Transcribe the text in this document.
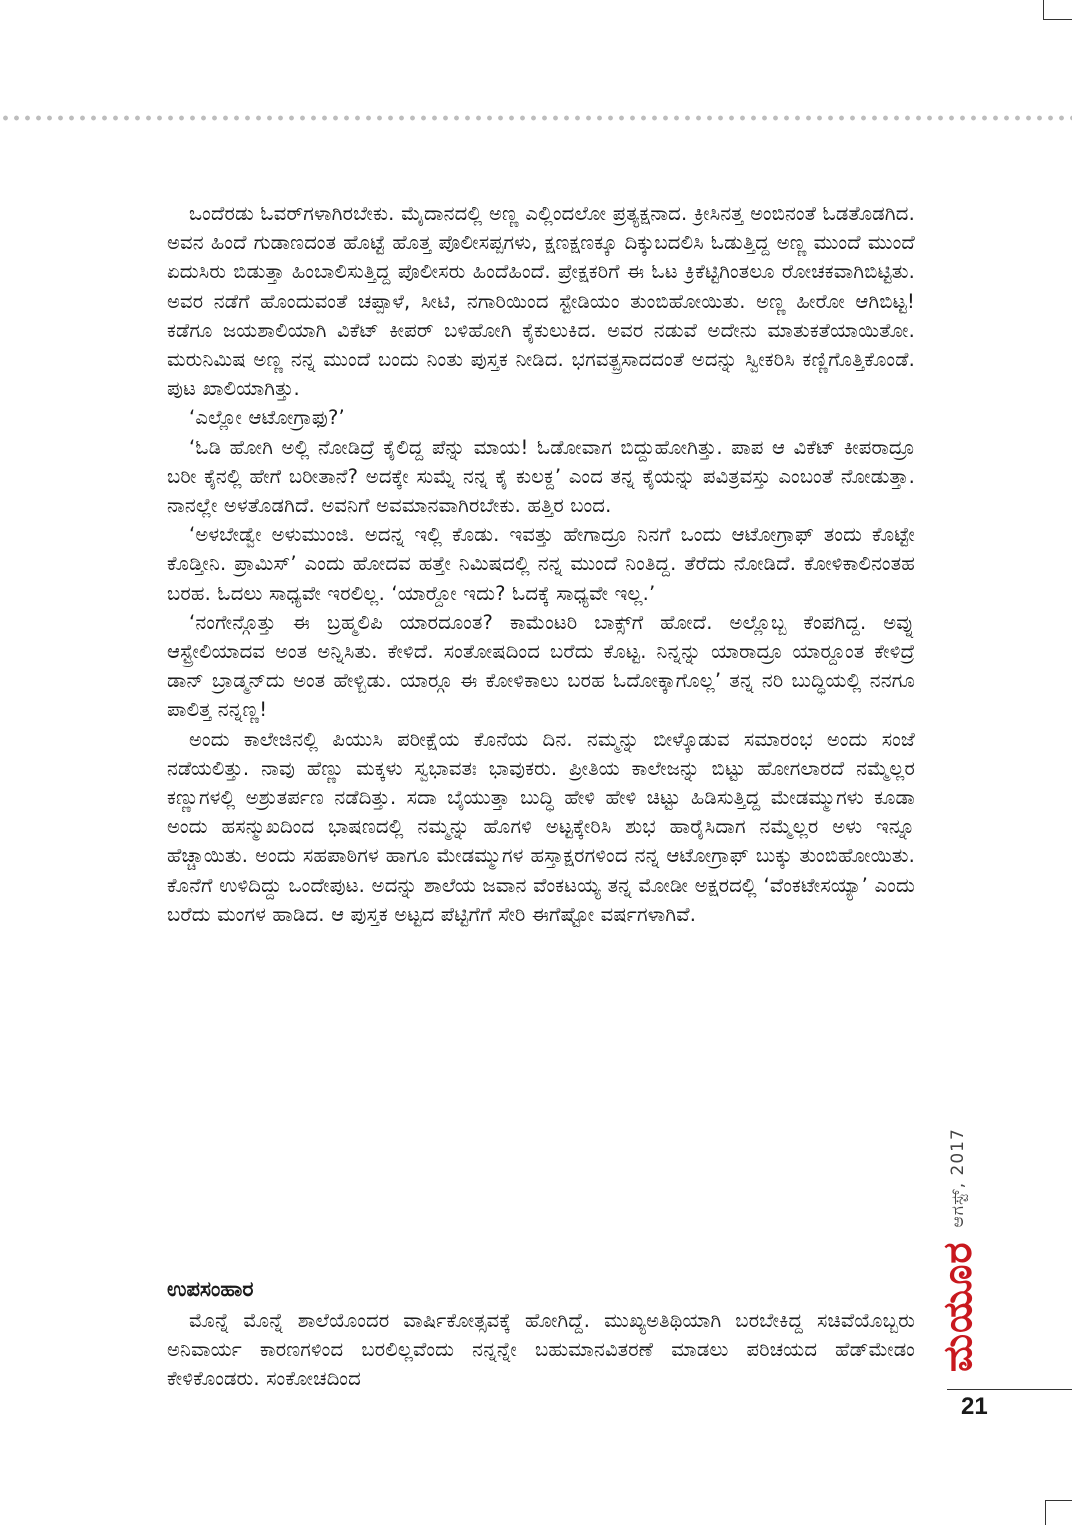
ಒಂದೆರಡು ಓವರ್‌ಗಳಾಗಿರಬೇಕು. ಮೈದಾನದಲ್ಲಿ ಅಣ್ಣ ಎಲ್ಲಿಂದಲೋ ಪ್ರತ್ಯಕ್ಷನಾದ. ಕ್ರೀಸಿನತ್ತ ಅಂಬಿನಂತೆ ಓಡತೊಡಗಿದ. ಅವನ ಹಿಂದೆ ಗುಡಾಣದಂತ ಹೊಟ್ಟೆ ಹೊತ್ತ ಪೊಲೀಸಪ್ಪಗಳು, ಕ್ಷಣಕ್ಷಣಕ್ಕೂ ದಿಕ್ಕುಬದಲಿಸಿ ಓಡುತ್ತಿದ್ದ ಅಣ್ಣ ಮುಂದೆ ಮುಂದೆ ಏದುಸಿರು ಬಿಡುತ್ತಾ ಹಿಂಬಾಲಿಸುತ್ತಿದ್ದ ಪೊಲೀಸರು ಹಿಂದೆಹಿಂದೆ. ಪ್ರೇಕ್ಷಕರಿಗೆ ಈ ಓಟ ಕ್ರಿಕೆಟ್ಟಿಗಿಂತಲೂ ರೋಚಕವಾಗಿಬಿಟ್ಟಿತು. ಅವರ ನಡೆಗೆ ಹೊಂದುವಂತೆ ಚಪ್ಪಾಳೆ, ಸೀಟಿ, ನಗಾರಿಯಿಂದ ಸ್ಟೇಡಿಯಂ ತುಂಬಿಹೋಯಿತು. ಅಣ್ಣ ಹೀರೋ ಆಗಿಬಿಟ್ಟ! ಕಡೆಗೂ ಜಯಶಾಲಿಯಾಗಿ ವಿಕೆಟ್ ಕೀಪರ್ ಬಳಿಹೋಗಿ ಕೈಕುಲುಕಿದ. ಅವರ ನಡುವೆ ಅದೇನು ಮಾತುಕತೆಯಾಯಿತೋ. ಮರುನಿಮಿಷ ಅಣ್ಣ ನನ್ನ ಮುಂದೆ ಬಂದು ನಿಂತು ಪುಸ್ತಕ ನೀಡಿದ. ಭಗವತ್ಪ್ರಸಾದದಂತೆ ಅದನ್ನು ಸ್ವೀಕರಿಸಿ ಕಣ್ಣಿಗೊತ್ತಿಕೊಂಡೆ. ಪುಟ ಖಾಲಿಯಾಗಿತ್ತು.

‘ಎಲ್ಲೋ ಆಟೋಗ್ರಾಫು?’

‘ಓಡಿ ಹೋಗಿ ಅಲ್ಲಿ ನೋಡಿದ್ರೆ ಕೈಲಿದ್ದ ಪೆನ್ನು ಮಾಯ! ಓಡೋವಾಗ ಬಿದ್ದುಹೋಗಿತ್ತು. ಪಾಪ ಆ ವಿಕೆಟ್ ಕೀಪರಾದ್ರೂ ಬರೀ ಕೈನಲ್ಲಿ ಹೇಗೆ ಬರೀತಾನೆ? ಅದಕ್ಕೇ ಸುಮ್ನೆ ನನ್ನ ಕೈ ಕುಲಕ್ದ’ ಎಂದ ತನ್ನ ಕೈಯನ್ನು ಪವಿತ್ರವಸ್ತು ಎಂಬಂತೆ ನೋಡುತ್ತಾ. ನಾನಲ್ಲೇ ಅಳತೊಡಗಿದೆ. ಅವನಿಗೆ ಅವಮಾನವಾಗಿರಬೇಕು. ಹತ್ತಿರ ಬಂದ.

‘ಅಳಬೇಡ್ವೇ ಅಳುಮುಂಜಿ. ಅದನ್ನ ಇಲ್ಲಿ ಕೊಡು. ಇವತ್ತು ಹೇಗಾದ್ರೂ ನಿನಗೆ ಒಂದು ಆಟೋಗ್ರಾಫ್ ತಂದು ಕೊಟ್ಟೇ ಕೊಡ್ತೀನಿ. ಪ್ರಾಮಿಸ್’ ಎಂದು ಹೋದವ ಹತ್ತೇ ನಿಮಿಷದಲ್ಲಿ ನನ್ನ ಮುಂದೆ ನಿಂತಿದ್ದ. ತೆರೆದು ನೋಡಿದೆ. ಕೋಳಿಕಾಲಿನಂತಹ ಬರಹ. ಓದಲು ಸಾಧ್ಯವೇ ಇರಲಿಲ್ಲ. ‘ಯಾರ್‍ದೋ ಇದು? ಓದಕ್ಕೆ ಸಾಧ್ಯವೇ ಇಲ್ಲ.’

‘ನಂಗೇನ್ಗೊತ್ತು ಈ ಬ್ರಹ್ಮಲಿಪಿ ಯಾರದೂಂತ? ಕಾಮೆಂಟರಿ ಬಾಕ್ಸ್‌ಗೆ ಹೋದೆ. ಅಲ್ಲೊಬ್ಬ ಕೆಂಪಗಿದ್ದ. ಅವ್ನು ಆಸ್ಟ್ರೇಲಿಯಾದವ ಅಂತ ಅನ್ನಿಸಿತು. ಕೇಳಿದೆ. ಸಂತೋಷದಿಂದ ಬರೆದು ಕೊಟ್ಟ. ನಿನ್ನನ್ನು ಯಾರಾದ್ರೂ ಯಾರ್‍ದೂಂತ ಕೇಳಿದ್ರೆ ಡಾನ್ ಬ್ರಾಡ್ಮನ್‌ದು ಅಂತ ಹೇಳ್ಬಿಡು. ಯಾರ್‍ಗೂ ಈ ಕೋಳಿಕಾಲು ಬರಹ ಓದೋಕ್ಕಾಗೊಲ್ಲ’ ತನ್ನ ನರಿ ಬುದ್ಧಿಯಲ್ಲಿ ನನಗೂ ಪಾಲಿತ್ತ ನನ್ನಣ್ಣ!

ಅಂದು ಕಾಲೇಜಿನಲ್ಲಿ ಪಿಯುಸಿ ಪರೀಕ್ಷೆಯ ಕೊನೆಯ ದಿನ. ನಮ್ಮನ್ನು ಬೀಳ್ಕೊಡುವ ಸಮಾರಂಭ ಅಂದು ಸಂಜೆ ನಡೆಯಲಿತ್ತು. ನಾವು ಹೆಣ್ಣು ಮಕ್ಕಳು ಸ್ವಭಾವತಃ ಭಾವುಕರು. ಪ್ರೀತಿಯ ಕಾಲೇಜನ್ನು ಬಿಟ್ಟು ಹೋಗಲಾರದೆ ನಮ್ಮೆಲ್ಲರ ಕಣ್ಣುಗಳಲ್ಲಿ ಅಶ್ರುತರ್ಪಣ ನಡೆದಿತ್ತು. ಸದಾ ಬೈಯುತ್ತಾ ಬುದ್ಧಿ ಹೇಳಿ ಹೇಳಿ ಚಿಟ್ಟು ಹಿಡಿಸುತ್ತಿದ್ದ ಮೇಡಮ್ಮುಗಳು ಕೂಡಾ ಅಂದು ಹಸನ್ಮುಖದಿಂದ ಭಾಷಣದಲ್ಲಿ ನಮ್ಮನ್ನು ಹೊಗಳಿ ಅಟ್ಟಕ್ಕೇರಿಸಿ ಶುಭ ಹಾರೈಸಿದಾಗ ನಮ್ಮೆಲ್ಲರ ಅಳು ಇನ್ನೂ ಹೆಚ್ಚಾಯಿತು. ಅಂದು ಸಹಪಾಠಿಗಳ ಹಾಗೂ ಮೇಡಮ್ಮುಗಳ ಹಸ್ತಾಕ್ಷರಗಳಿಂದ ನನ್ನ ಆಟೋಗ್ರಾಫ್ ಬುಕ್ಕು ತುಂಬಿಹೋಯಿತು. ಕೊನೆಗೆ ಉಳಿದಿದ್ದು ಒಂದೇಪುಟ. ಅದನ್ನು ಶಾಲೆಯ ಜವಾನ ವೆಂಕಟಯ್ಯ ತನ್ನ ಮೋಡೀ ಅಕ್ಷರದಲ್ಲಿ ‘ವೆಂಕಟೇಸಯ್ಯಾ’ ಎಂದು ಬರೆದು ಮಂಗಳ ಹಾಡಿದ. ಆ ಪುಸ್ತಕ ಅಟ್ಟದ ಪೆಟ್ಟಿಗೆಗೆ ಸೇರಿ ಈಗೆಷ್ಟೋ ವರ್ಷಗಳಾಗಿವೆ.

ಉಪಸಂಹಾರ

ಮೊನ್ನೆ ಮೊನ್ನೆ ಶಾಲೆಯೊಂದರ ವಾರ್ಷಿಕೋತ್ಸವಕ್ಕೆ ಹೋಗಿದ್ದೆ. ಮುಖ್ಯಅತಿಥಿಯಾಗಿ ಬರಬೇಕಿದ್ದ ಸಚಿವೆಯೊಬ್ಬರು ಅನಿವಾರ್ಯ ಕಾರಣಗಳಿಂದ ಬರಲಿಲ್ಲವೆಂದು ನನ್ನನ್ನೇ ಬಹುಮಾನವಿತರಣೆ ಮಾಡಲು ಪರಿಚಯದ ಹೆಡ್‌ಮೇಡಂ ಕೇಳಿಕೊಂಡರು. ಸಂಕೋಚದಿಂದ

ಮಯೂರ
ಆಗಸ್ಟ್, 2017
21
